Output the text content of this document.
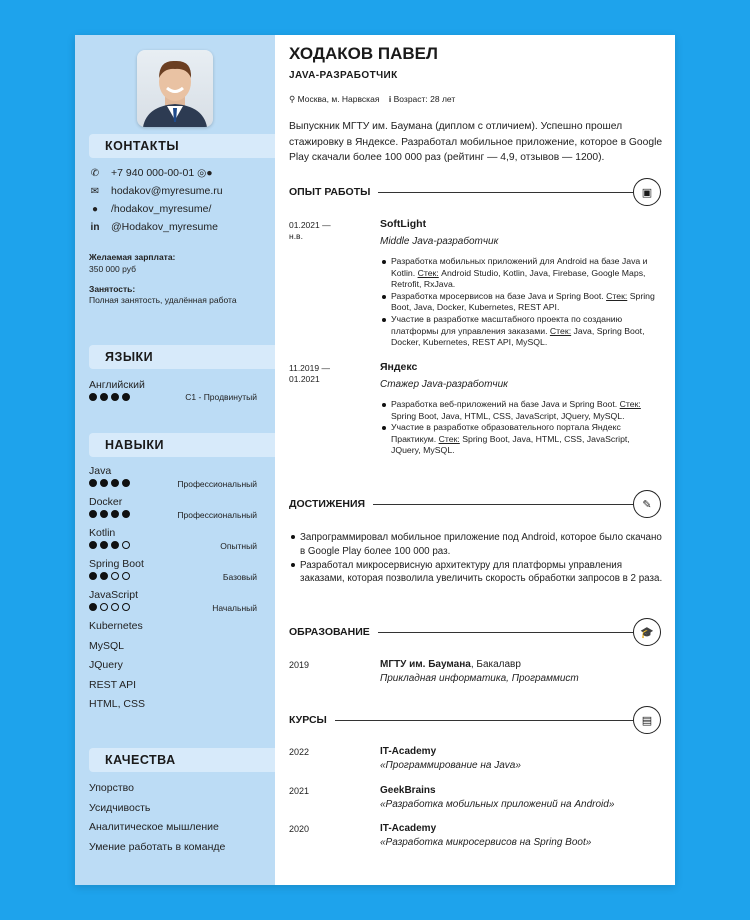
КОНТАКТЫ
✆ +7 940 000-00-01 ◎●
✉ hodakov@myresume.ru
● /hodakov_myresume/
in @Hodakov_myresume
Желаемая зарплата:
350 000 руб
Занятость:
Полная занятость, удалённая работа
ЯЗЫКИ
Английский
C1 - Продвинутый
НАВЫКИ
Java
Профессиональный
Docker
Профессиональный
Kotlin
Опытный
Spring Boot
Базовый
JavaScript
Начальный
Kubernetes
MySQL
JQuery
REST API
HTML, CSS
КАЧЕСТВА
Упорство
Усидчивость
Аналитическое мышление
Умение работать в команде
ХОДАКОВ ПАВЕЛ
JAVA-РАЗРАБОТЧИК
⚲ Москва, м. Нарвская i Возраст: 28 лет
Выпускник МГТУ им. Баумана (диплом с отличием). Успешно прошел стажировку в Яндексе. Разработал мобильное приложение, которое в Google Play скачали более 100 000 раз (рейтинг — 4,9, отзывов — 1200).
ОПЫТ РАБОТЫ	▣
01.2021 —
н.в.
SoftLight
Middle Java-разработчик
Разработка мобильных приложений для Android на базе Java и Kotlin. Стек: Android Studio, Kotlin, Java, Firebase, Google Maps, Retrofit, RxJava.
Разработка мросервисов на базе Java и Spring Boot. Стек: Spring Boot, Java, Docker, Kubernetes, REST API.
Участие в разработке масштабного проекта по созданию платформы для управления заказами. Стек: Java, Spring Boot, Docker, Kubernetes, REST API, MySQL.
11.2019 —
01.2021
Яндекс
Стажер Java-разработчик
Разработка веб-приложений на базе Java и Spring Boot. Стек: Spring Boot, Java, HTML, CSS, JavaScript, JQuery, MySQL.
Участие в разработке образовательного портала Яндекс Практикум. Стек: Spring Boot, Java, HTML, CSS, JavaScript, JQuery, MySQL.
ДОСТИЖЕНИЯ	✎
Запрограммировал мобильное приложение под Android, которое было скачано в Google Play более 100 000 раз.
Разработал микросервисную архитектуру для платформы управления заказами, которая позволила увеличить скорость обработки запросов в 2 раза.
ОБРАЗОВАНИЕ	🎓
2019	МГТУ им. Баумана, Бакалавр
Прикладная информатика, Программист
КУРСЫ	▤
2022	IT-Academy
«Программирование на Java»
2021	GeekBrains
«Разработка мобильных приложений на Android»
2020	IT-Academy
«Разработка микросервисов на Spring Boot»
